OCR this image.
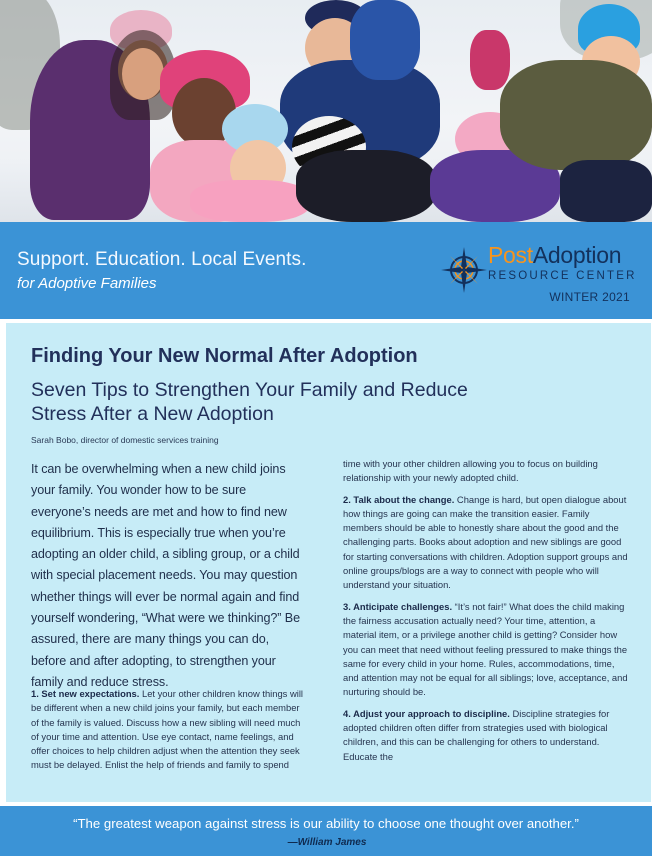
Support. Education. Local Events.
for Adoptive Families
PostAdoption
RESOURCE CENTER
WINTER 2021
Finding Your New Normal After Adoption
Seven Tips to Strengthen Your Family and Reduce Stress After a New Adoption
Sarah Bobo, director of domestic services training
It can be overwhelming when a new child joins your family. You wonder how to be sure everyone’s needs are met and how to find new equilibrium. This is especially true when you’re adopting an older child, a sibling group, or a child with special placement needs. You may question whether things will ever be normal again and find yourself wondering, “What were we thinking?” Be assured, there are many things you can do, before and after adopting, to strengthen your family and reduce stress.
1. Set new expectations. Let your other children know things will be different when a new child joins your family, but each member of the family is valued. Discuss how a new sibling will need much of your time and attention. Use eye contact, name feelings, and offer choices to help children adjust when the attention they seek must be delayed. Enlist the help of friends and family to spend
time with your other children allowing you to focus on building relationship with your newly adopted child.
2. Talk about the change. Change is hard, but open dialogue about how things are going can make the transition easier. Family members should be able to honestly share about the good and the challenging parts. Books about adoption and new siblings are good for starting conversations with children. Adoption support groups and online groups/blogs are a way to connect with people who will understand your situation.
3. Anticipate challenges. “It’s not fair!” What does the child making the fairness accusation actually need? Your time, attention, a material item, or a privilege another child is getting? Consider how you can meet that need without feeling pressured to make things the same for every child in your home. Rules, accommodations, time, and attention may not be equal for all siblings; love, acceptance, and nurturing should be.
4. Adjust your approach to discipline. Discipline strategies for adopted children often differ from strategies used with biological children, and this can be challenging for others to understand. Educate the
“The greatest weapon against stress is our ability to choose one thought over another.”
—William James
